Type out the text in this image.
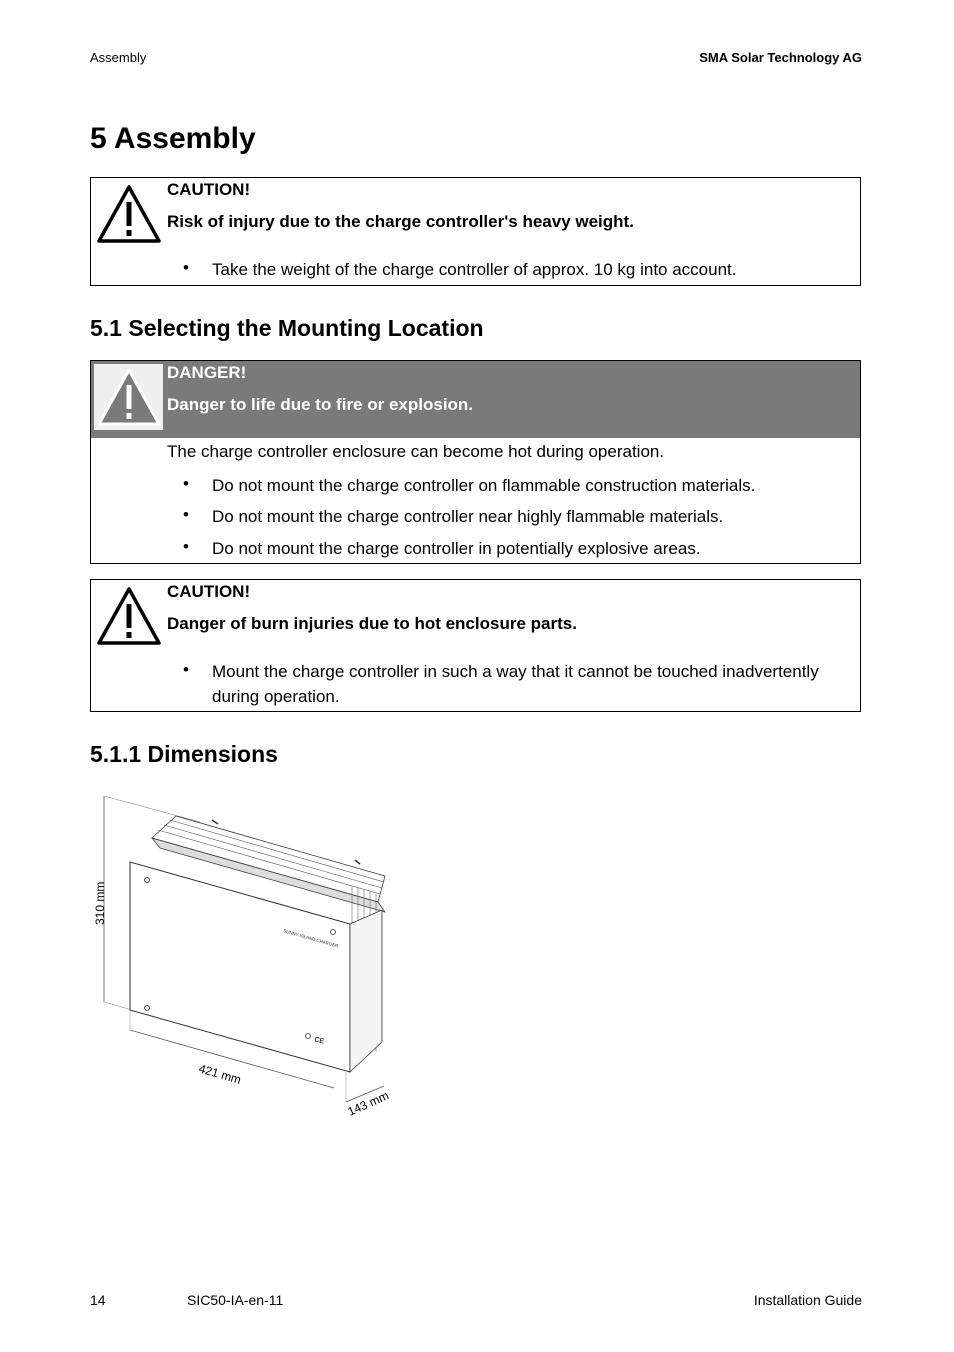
Assembly	SMA Solar Technology AG
5 Assembly
CAUTION!
Risk of injury due to the charge controller's heavy weight.
• Take the weight of the charge controller of approx. 10 kg into account.
5.1 Selecting the Mounting Location
DANGER!
Danger to life due to fire or explosion.
The charge controller enclosure can become hot during operation.
• Do not mount the charge controller on flammable construction materials.
• Do not mount the charge controller near highly flammable materials.
• Do not mount the charge controller in potentially explosive areas.
CAUTION!
Danger of burn injuries due to hot enclosure parts.
• Mount the charge controller in such a way that it cannot be touched inadvertently during operation.
5.1.1 Dimensions
SUNNY ISLAND CHARGER
CE
310 mm
421 mm
143 mm
14	SIC50-IA-en-11	Installation Guide
